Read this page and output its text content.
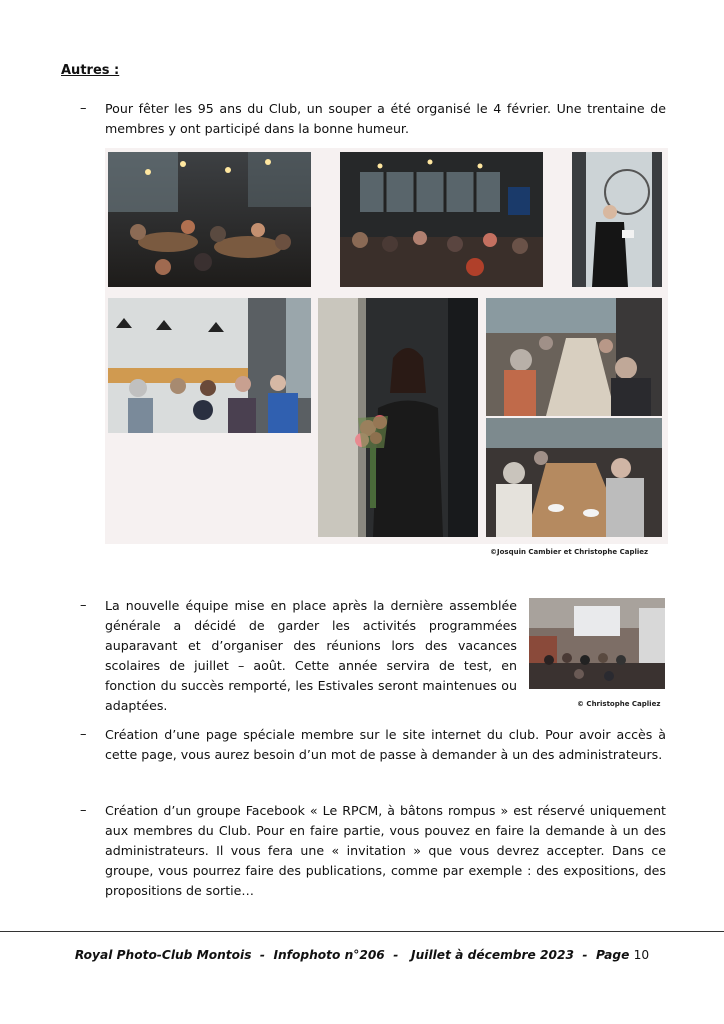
Autres :
– Pour fêter les 95 ans du Club, un souper a été organisé le 4 février. Une trentaine de membres y ont participé dans la bonne humeur.

©Josquin Cambier et Christophe Capliez
– La nouvelle équipe mise en place après la dernière assemblée générale a décidé de garder les activités programmées auparavant et d’organiser des réunions lors des vacances scolaires de juillet – août. Cette année servira de test, en fonction du succès remporté, les Estivales seront maintenues ou adaptées.	© Christophe Capliez
– Création d’une page spéciale membre sur le site internet du club. Pour avoir accès à cette page, vous aurez besoin d’un mot de passe à demander à un des administrateurs.

– Création d’un groupe Facebook « Le RPCM, à bâtons rompus » est réservé uniquement aux membres du Club. Pour en faire partie, vous pouvez en faire la demande à un des administrateurs. Il vous fera une « invitation » que vous devrez accepter. Dans ce groupe, vous pourrez faire des publications, comme par exemple : des expositions, des propositions de sortie…

Royal Photo-Club Montois  -  Infophoto n°206  -   Juillet à décembre 2023  -  Page 10
